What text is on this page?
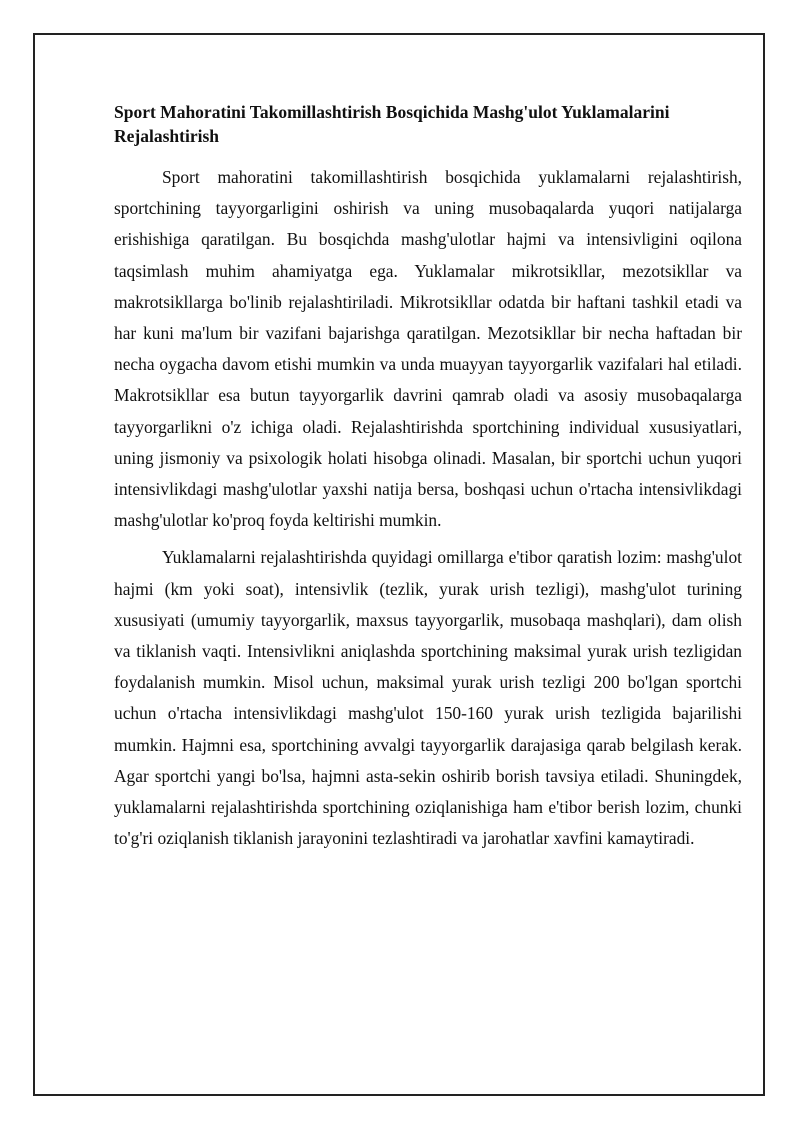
Sport Mahoratini Takomillashtirish Bosqichida Mashg'ulot Yuklamalarini Rejalashtirish

Sport mahoratini takomillashtirish bosqichida yuklamalarni rejalashtirish, sportchining tayyorgarligini oshirish va uning musobaqalarda yuqori natijalarga erishishiga qaratilgan. Bu bosqichda mashg'ulotlar hajmi va intensivligini oqilona taqsimlash muhim ahamiyatga ega. Yuklamalar mikrotsikllar, mezotsikllar va makrotsikllarga bo'linib rejalashtiriladi. Mikrotsikllar odatda bir haftani tashkil etadi va har kuni ma'lum bir vazifani bajarishga qaratilgan. Mezotsikllar bir necha haftadan bir necha oygacha davom etishi mumkin va unda muayyan tayyorgarlik vazifalari hal etiladi. Makrotsikllar esa butun tayyorgarlik davrini qamrab oladi va asosiy musobaqalarga tayyorgarlikni o'z ichiga oladi. Rejalashtirishda sportchining individual xususiyatlari, uning jismoniy va psixologik holati hisobga olinadi. Masalan, bir sportchi uchun yuqori intensivlikdagi mashg'ulotlar yaxshi natija bersa, boshqasi uchun o'rtacha intensivlikdagi mashg'ulotlar ko'proq foyda keltirishi mumkin.

Yuklamalarni rejalashtirishda quyidagi omillarga e'tibor qaratish lozim: mashg'ulot hajmi (km yoki soat), intensivlik (tezlik, yurak urish tezligi), mashg'ulot turining xususiyati (umumiy tayyorgarlik, maxsus tayyorgarlik, musobaqa mashqlari), dam olish va tiklanish vaqti. Intensivlikni aniqlashda sportchining maksimal yurak urish tezligidan foydalanish mumkin. Misol uchun, maksimal yurak urish tezligi 200 bo'lgan sportchi uchun o'rtacha intensivlikdagi mashg'ulot 150-160 yurak urish tezligida bajarilishi mumkin. Hajmni esa, sportchining avvalgi tayyorgarlik darajasiga qarab belgilash kerak. Agar sportchi yangi bo'lsa, hajmni asta-sekin oshirib borish tavsiya etiladi. Shuningdek, yuklamalarni rejalashtirishda sportchining oziqlanishiga ham e'tibor berish lozim, chunki to'g'ri oziqlanish tiklanish jarayonini tezlashtiradi va jarohatlar xavfini kamaytiradi.
